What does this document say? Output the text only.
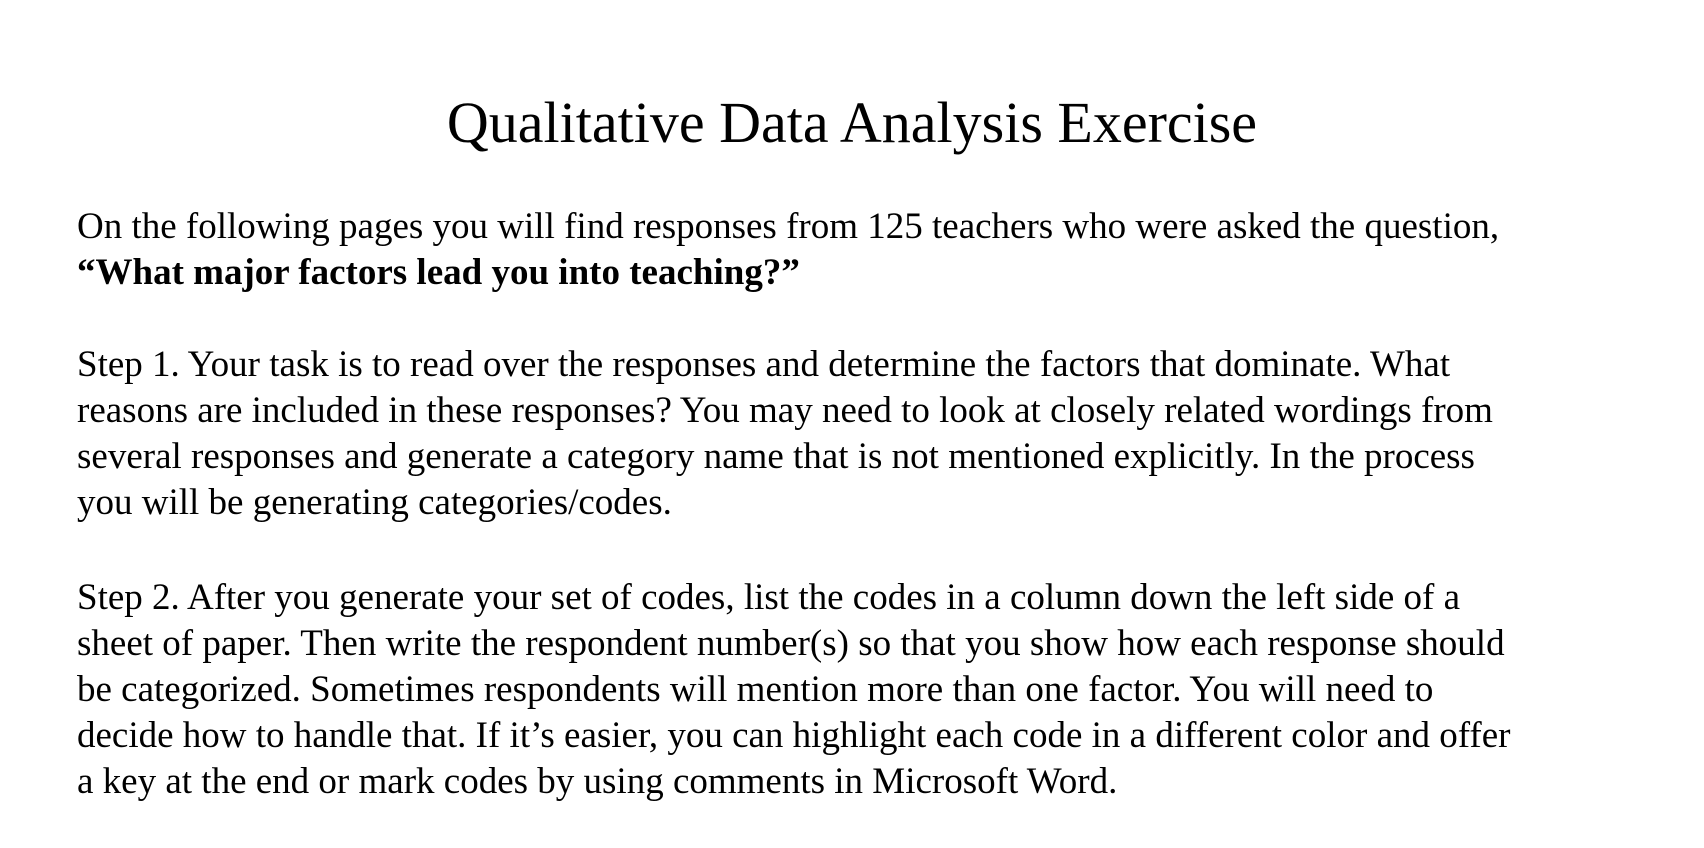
Qualitative Data Analysis Exercise

On the following pages you will find responses from 125 teachers who were asked the question,
“What major factors lead you into teaching?”

Step 1. Your task is to read over the responses and determine the factors that dominate. What
reasons are included in these responses? You may need to look at closely related wordings from
several responses and generate a category name that is not mentioned explicitly. In the process
you will be generating categories/codes.

Step 2. After you generate your set of codes, list the codes in a column down the left side of a
sheet of paper. Then write the respondent number(s) so that you show how each response should
be categorized. Sometimes respondents will mention more than one factor. You will need to
decide how to handle that. If it’s easier, you can highlight each code in a different color and offer
a key at the end or mark codes by using comments in Microsoft Word.
